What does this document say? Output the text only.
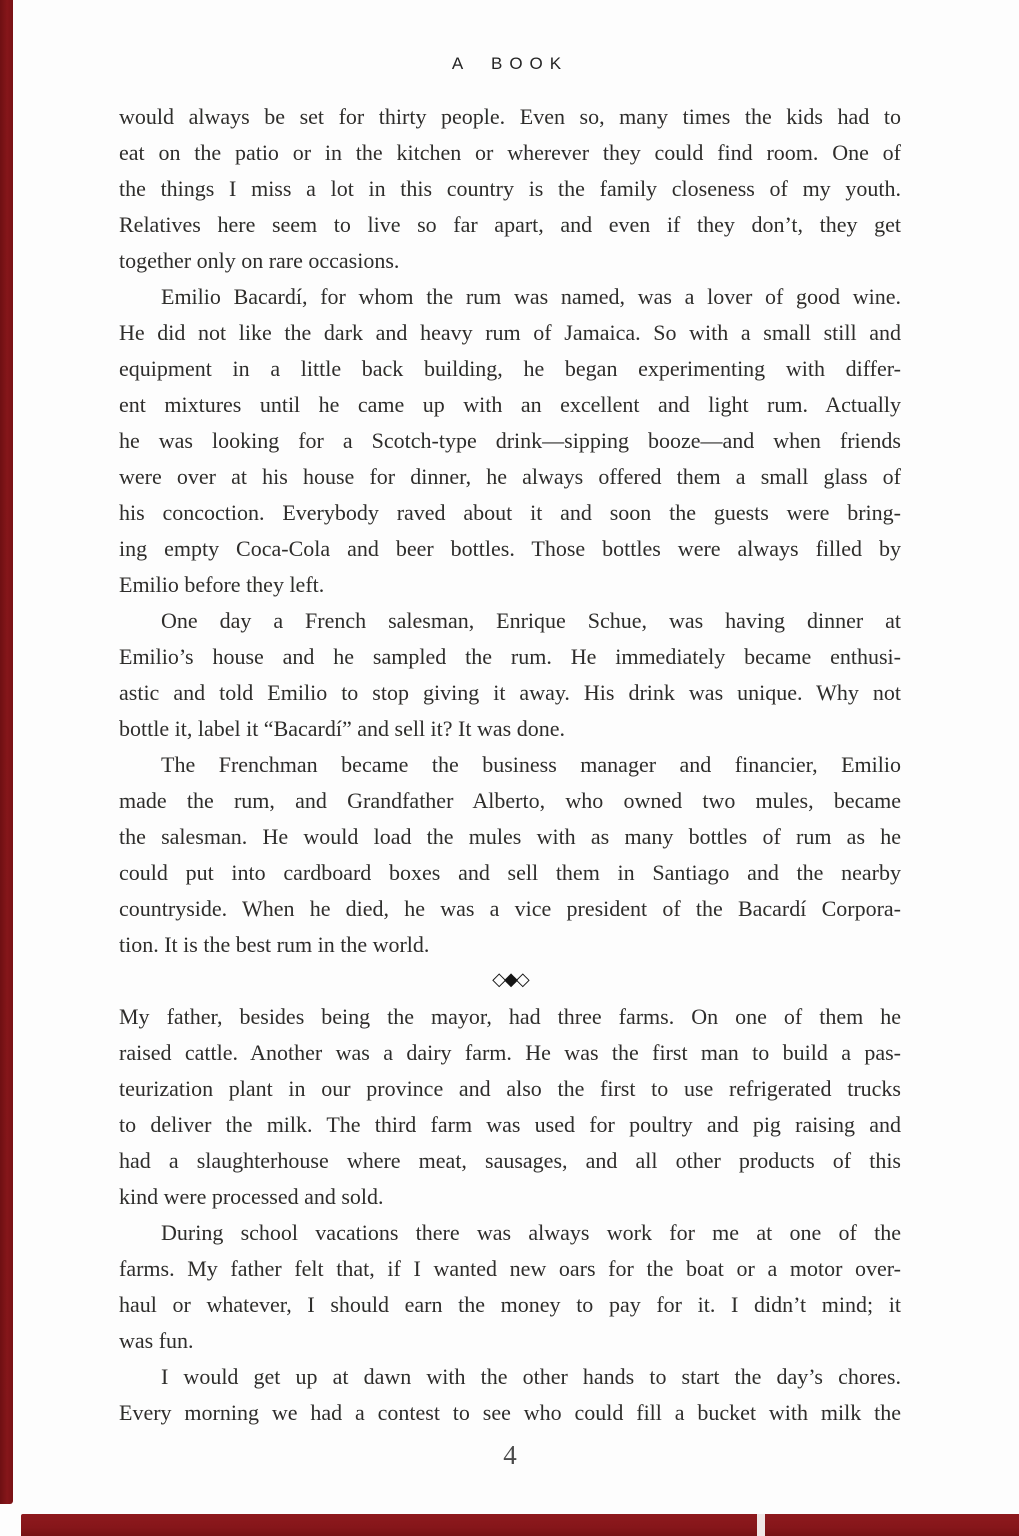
A BOOK
would always be set for thirty people. Even so, many times the kids had to
eat on the patio or in the kitchen or wherever they could find room. One of
the things I miss a lot in this country is the family closeness of my youth.
Relatives here seem to live so far apart, and even if they don’t, they get
together only on rare occasions.
Emilio Bacardí, for whom the rum was named, was a lover of good wine.
He did not like the dark and heavy rum of Jamaica. So with a small still and
equipment in a little back building, he began experimenting with differ-
ent mixtures until he came up with an excellent and light rum. Actually
he was looking for a Scotch-type drink—sipping booze—and when friends
were over at his house for dinner, he always offered them a small glass of
his concoction. Everybody raved about it and soon the guests were bring-
ing empty Coca-Cola and beer bottles. Those bottles were always filled by
Emilio before they left.
One day a French salesman, Enrique Schue, was having dinner at
Emilio’s house and he sampled the rum. He immediately became enthusi-
astic and told Emilio to stop giving it away. His drink was unique. Why not
bottle it, label it “Bacardí” and sell it? It was done.
The Frenchman became the business manager and financier, Emilio
made the rum, and Grandfather Alberto, who owned two mules, became
the salesman. He would load the mules with as many bottles of rum as he
could put into cardboard boxes and sell them in Santiago and the nearby
countryside. When he died, he was a vice president of the Bacardí Corpora-
tion. It is the best rum in the world.
◇◆◇
My father, besides being the mayor, had three farms. On one of them he
raised cattle. Another was a dairy farm. He was the first man to build a pas-
teurization plant in our province and also the first to use refrigerated trucks
to deliver the milk. The third farm was used for poultry and pig raising and
had a slaughterhouse where meat, sausages, and all other products of this
kind were processed and sold.
During school vacations there was always work for me at one of the
farms. My father felt that, if I wanted new oars for the boat or a motor over-
haul or whatever, I should earn the money to pay for it. I didn’t mind; it
was fun.
I would get up at dawn with the other hands to start the day’s chores.
Every morning we had a contest to see who could fill a bucket with milk the
4
